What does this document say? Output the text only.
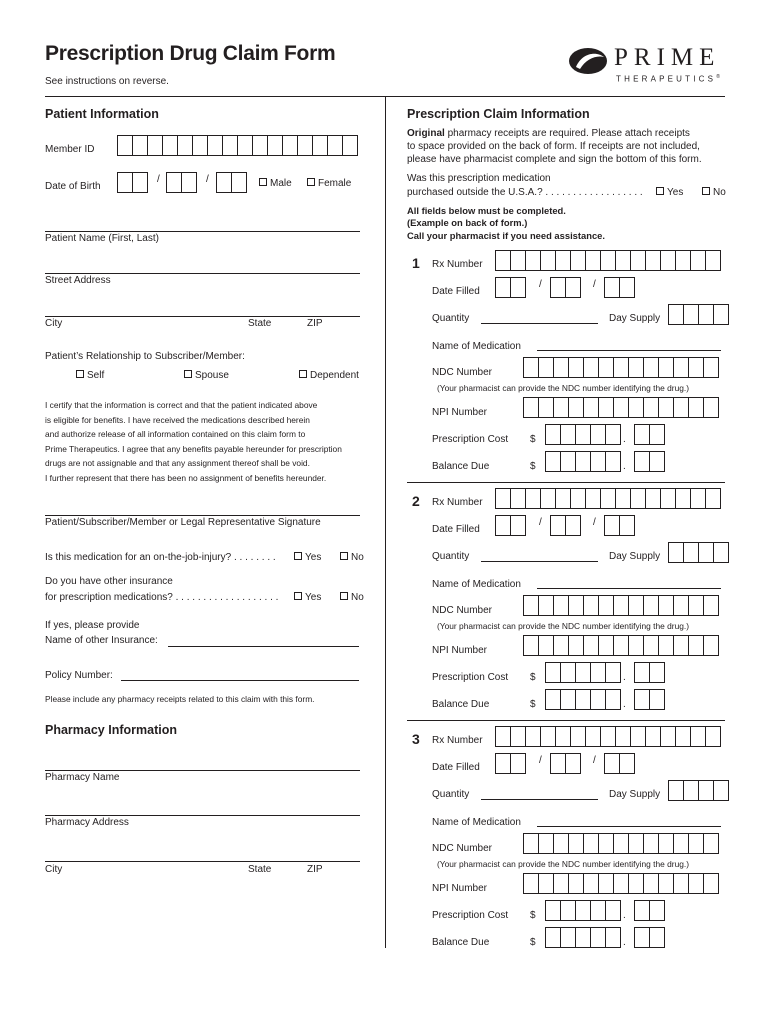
Prescription Drug Claim Form
See instructions on reverse.
PRIME
THERAPEUTICS®
Patient Information
Member ID
Date of Birth
/	/	Male	Female
Patient Name (First, Last)
Street Address
City	State	ZIP
Patient’s Relationship to Subscriber/Member:
Self	Spouse	Dependent
I certify that the information is correct and that the patient indicated above
is eligible for benefits. I have received the medications described herein
and authorize release of all information contained on this claim form to
Prime Therapeutics. I agree that any benefits payable hereunder for prescription
drugs are not assignable and that any assignment thereof shall be void.
I further represent that there has been no assignment of benefits hereunder.
Patient/Subscriber/Member or Legal Representative Signature
Is this medication for an on-the-job-injury? . . . . . . . .	Yes	No
Do you have other insurance
for prescription medications? . . . . . . . . . . . . . . . . . . .	Yes	No
If yes, please provide
Name of other Insurance:
Policy Number:
Please include any pharmacy receipts related to this claim with this form.
Pharmacy Information
Pharmacy Name
Pharmacy Address
City	State	ZIP
Prescription Claim Information
Original pharmacy receipts are required. Please attach receipts
to space provided on the back of form. If receipts are not included,
please have pharmacist complete and sign the bottom of this form.
Was this prescription medication
purchased outside the U.S.A.? . . . . . . . . . . . . . . . . . .	Yes	No
All fields below must be completed.
(Example on back of form.)
Call your pharmacist if you need assistance.
1 Rx Number
Date Filled
/	/
Quantity	Day Supply
Name of Medication
NDC Number
(Your pharmacist can provide the NDC number identifying the drug.)
NPI Number
Prescription Cost $	.
Balance Due	$	.
2 Rx Number
Date Filled
/	/
Quantity	Day Supply
Name of Medication
NDC Number
(Your pharmacist can provide the NDC number identifying the drug.)
NPI Number
Prescription Cost $	.
Balance Due	$	.
3 Rx Number
Date Filled
/	/
Quantity	Day Supply
Name of Medication
NDC Number
(Your pharmacist can provide the NDC number identifying the drug.)
NPI Number
Prescription Cost $	.
Balance Due	$	.
